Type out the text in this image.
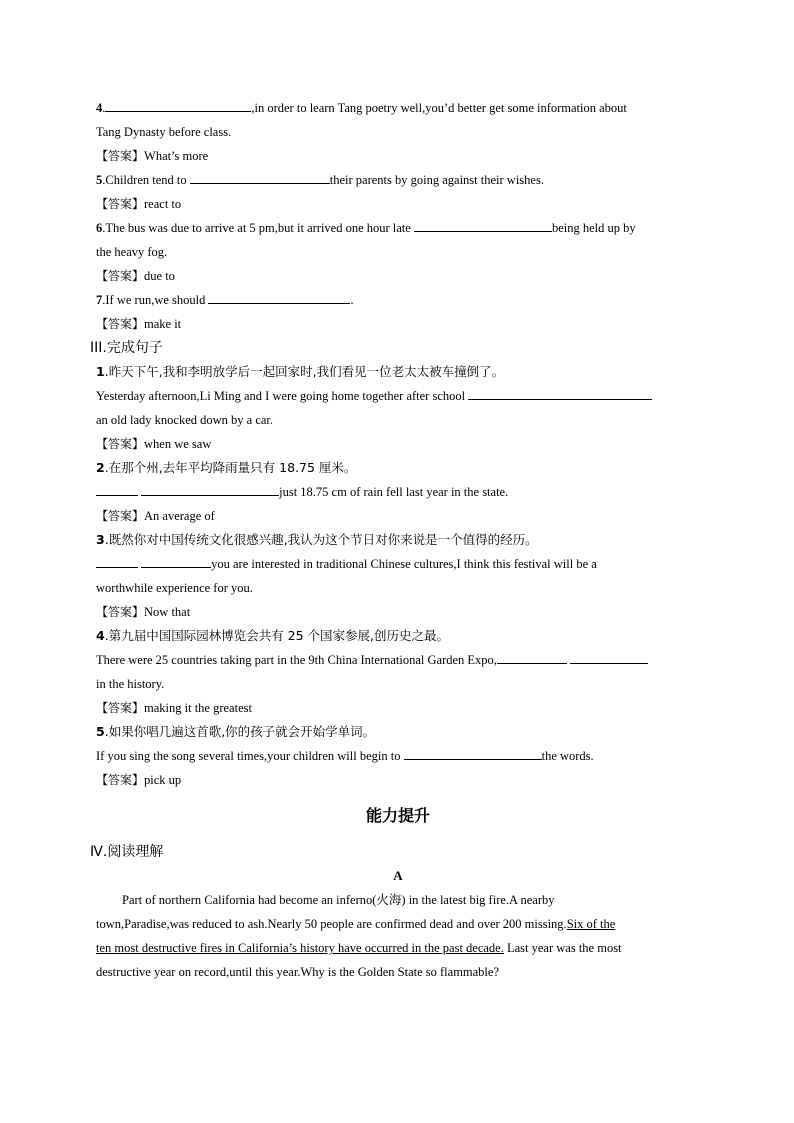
4.	,in order to learn Tang poetry well,you’d better get some information about
Tang Dynasty before class.
【答案】What’s more
5.Children tend to	their parents by going against their wishes.
【答案】react to
6.The bus was due to arrive at 5 pm,but it arrived one hour late	being held up by
the heavy fog.
【答案】due to
7.If we run,we should	.
【答案】make it
III.完成句子
1.昨天下午,我和李明放学后一起回家时,我们看见一位老太太被车撞倒了。
Yesterday afternoon,Li Ming and I were going home together after school
an old lady knocked down by a car.
【答案】when we saw
2.在那个州,去年平均降雨量只有 18.75 厘米。
just 18.75 cm of rain fell last year in the state.
【答案】An average of
3.既然你对中国传统文化很感兴趣,我认为这个节日对你来说是一个值得的经历。
you are interested in traditional Chinese cultures,I think this festival will be a
worthwhile experience for you.
【答案】Now that
4.第九届中国国际园林博览会共有 25 个国家参展,创历史之最。
There were 25 countries taking part in the 9th China International Garden Expo,
in the history.
【答案】making it the greatest
5.如果你唱几遍这首歌,你的孩子就会开始学单词。
If you sing the song several times,your children will begin to	the words.
【答案】pick up
能力提升
Ⅳ.阅读理解
A
Part of northern California had become an inferno(火海) in the latest big fire.A nearby
town,Paradise,was reduced to ash.Nearly 50 people are confirmed dead and over 200 missing.Six of the
ten most destructive fires in California’s history have occurred in the past decade. Last year was the most
destructive year on record,until this year.Why is the Golden State so flammable?
